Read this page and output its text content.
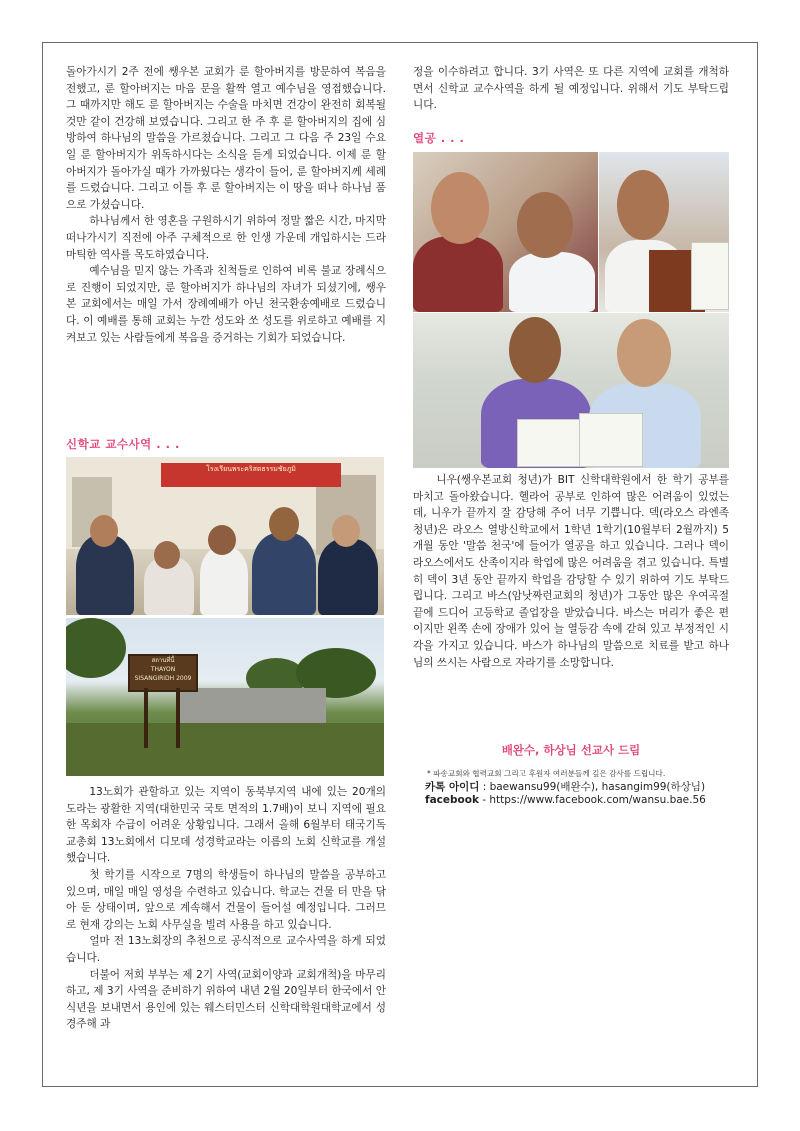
돌아가시기 2주 전에 쌩우본 교회가 룬 할아버지를 방문하여 복음을 전했고, 룬 할아버지는 마음 문을 활짝 열고 예수님을 영접했습니다. 그 때까지만 해도 룬 할아버지는 수술을 마치면 건강이 완전히 회복될 것만 같이 건강해 보였습니다. 그리고 한 주 후 룬 할아버지의 집에 심방하여 하나님의 말씀을 가르쳤습니다. 그리고 그 다음 주 23일 수요일 룬 할아버지가 위독하시다는 소식을 듣게 되었습니다. 이제 룬 할아버지가 돌아가실 때가 가까웠다는 생각이 들어, 룬 할아버지께 세례를 드렸습니다. 그리고 이틀 후 룬 할아버지는 이 땅을 떠나 하나님 품으로 가셨습니다.

하나님께서 한 영혼을 구원하시기 위하여 정말 짧은 시간, 마지막 떠나가시기 직전에 아주 구체적으로 한 인생 가운데 개입하시는 드라마틱한 역사를 목도하였습니다.

예수님을 믿지 않는 가족과 친척들로 인하여 비록 불교 장례식으로 진행이 되었지만, 룬 할아버지가 하나님의 자녀가 되셨기에, 쌩우본 교회에서는 매일 가서 장례예배가 아닌 천국환송예배로 드렸습니다. 이 예배를 통해 교회는 누깐 성도와 쏘 성도를 위로하고 예배를 지켜보고 있는 사람들에게 복음을 증거하는 기회가 되었습니다.

신학교 교수사역 . . .
โรงเรียนพระคริสตธรรมชัยภูมิ
สถานที่นี้
THAYON
SISANGIRIDH 2009

13노회가 관할하고 있는 지역이 동북부지역 내에 있는 20개의 도라는 광활한 지역(대한민국 국토 면적의 1.7배)이 보니 지역에 필요한 목회자 수급이 어려운 상황입니다. 그래서 올해 6월부터 태국기독교총회 13노회에서 디모데 성경학교라는 이름의 노회 신학교를 개설했습니다.

첫 학기를 시작으로 7명의 학생들이 하나님의 말씀을 공부하고 있으며, 매일 매일 영성을 수련하고 있습니다. 학교는 건물 터 만을 닦아 둔 상태이며, 앞으로 계속해서 건물이 들어설 예정입니다. 그러므로 현재 강의는 노회 사무실을 빌려 사용을 하고 있습니다.

얼마 전 13노회장의 추천으로 공식적으로 교수사역을 하게 되었습니다.

더불어 저희 부부는 제 2기 사역(교회이양과 교회개척)을 마무리하고, 제 3기 사역을 준비하기 위하여 내년 2월 20일부터 한국에서 안식년을 보내면서 용인에 있는 웨스터민스터 신학대학원대학교에서 성경주해 과

정을 이수하려고 합니다. 3기 사역은 또 다른 지역에 교회를 개척하면서 신학교 교수사역을 하게 될 예정입니다. 위해서 기도 부탁드립니다.

열공 . . .

니우(쌩우본교회 청년)가 BIT 신학대학원에서 한 학기 공부를 마치고 돌아왔습니다. 헬라어 공부로 인하여 많은 어려움이 있었는데, 니우가 끝까지 잘 감당해 주어 너무 기쁩니다. 덱(라오스 라엔족 청년)은 라오스 열방신학교에서 1학년 1학기(10월부터 2월까지) 5개월 동안 '말씀 천국'에 들어가 열공을 하고 있습니다. 그러나 덱이 라오스에서도 산족이지라 학업에 많은 어려움을 겪고 있습니다. 특별히 덱이 3년 동안 끝까지 학업을 감당할 수 있기 위하여 기도 부탁드립니다. 그리고 바스(암낫짜런교회의 청년)가 그동안 많은 우여곡절 끝에 드디어 고등학교 졸업장을 받았습니다. 바스는 머리가 좋은 편이지만 왼쪽 손에 장애가 있어 늘 열등감 속에 갇혀 있고 부정적인 시각을 가지고 있습니다. 바스가 하나님의 말씀으로 치료를 받고 하나님의 쓰시는 사람으로 자라기를 소망합니다.

배완수, 하상님 선교사 드림
* 파송교회와 협력교회 그리고 후원자 여러분들께 깊은 감사를 드립니다.
카톡 아이디 : baewansu99(배완수), hasangim99(하상님)
facebook - https://www.facebook.com/wansu.bae.56
